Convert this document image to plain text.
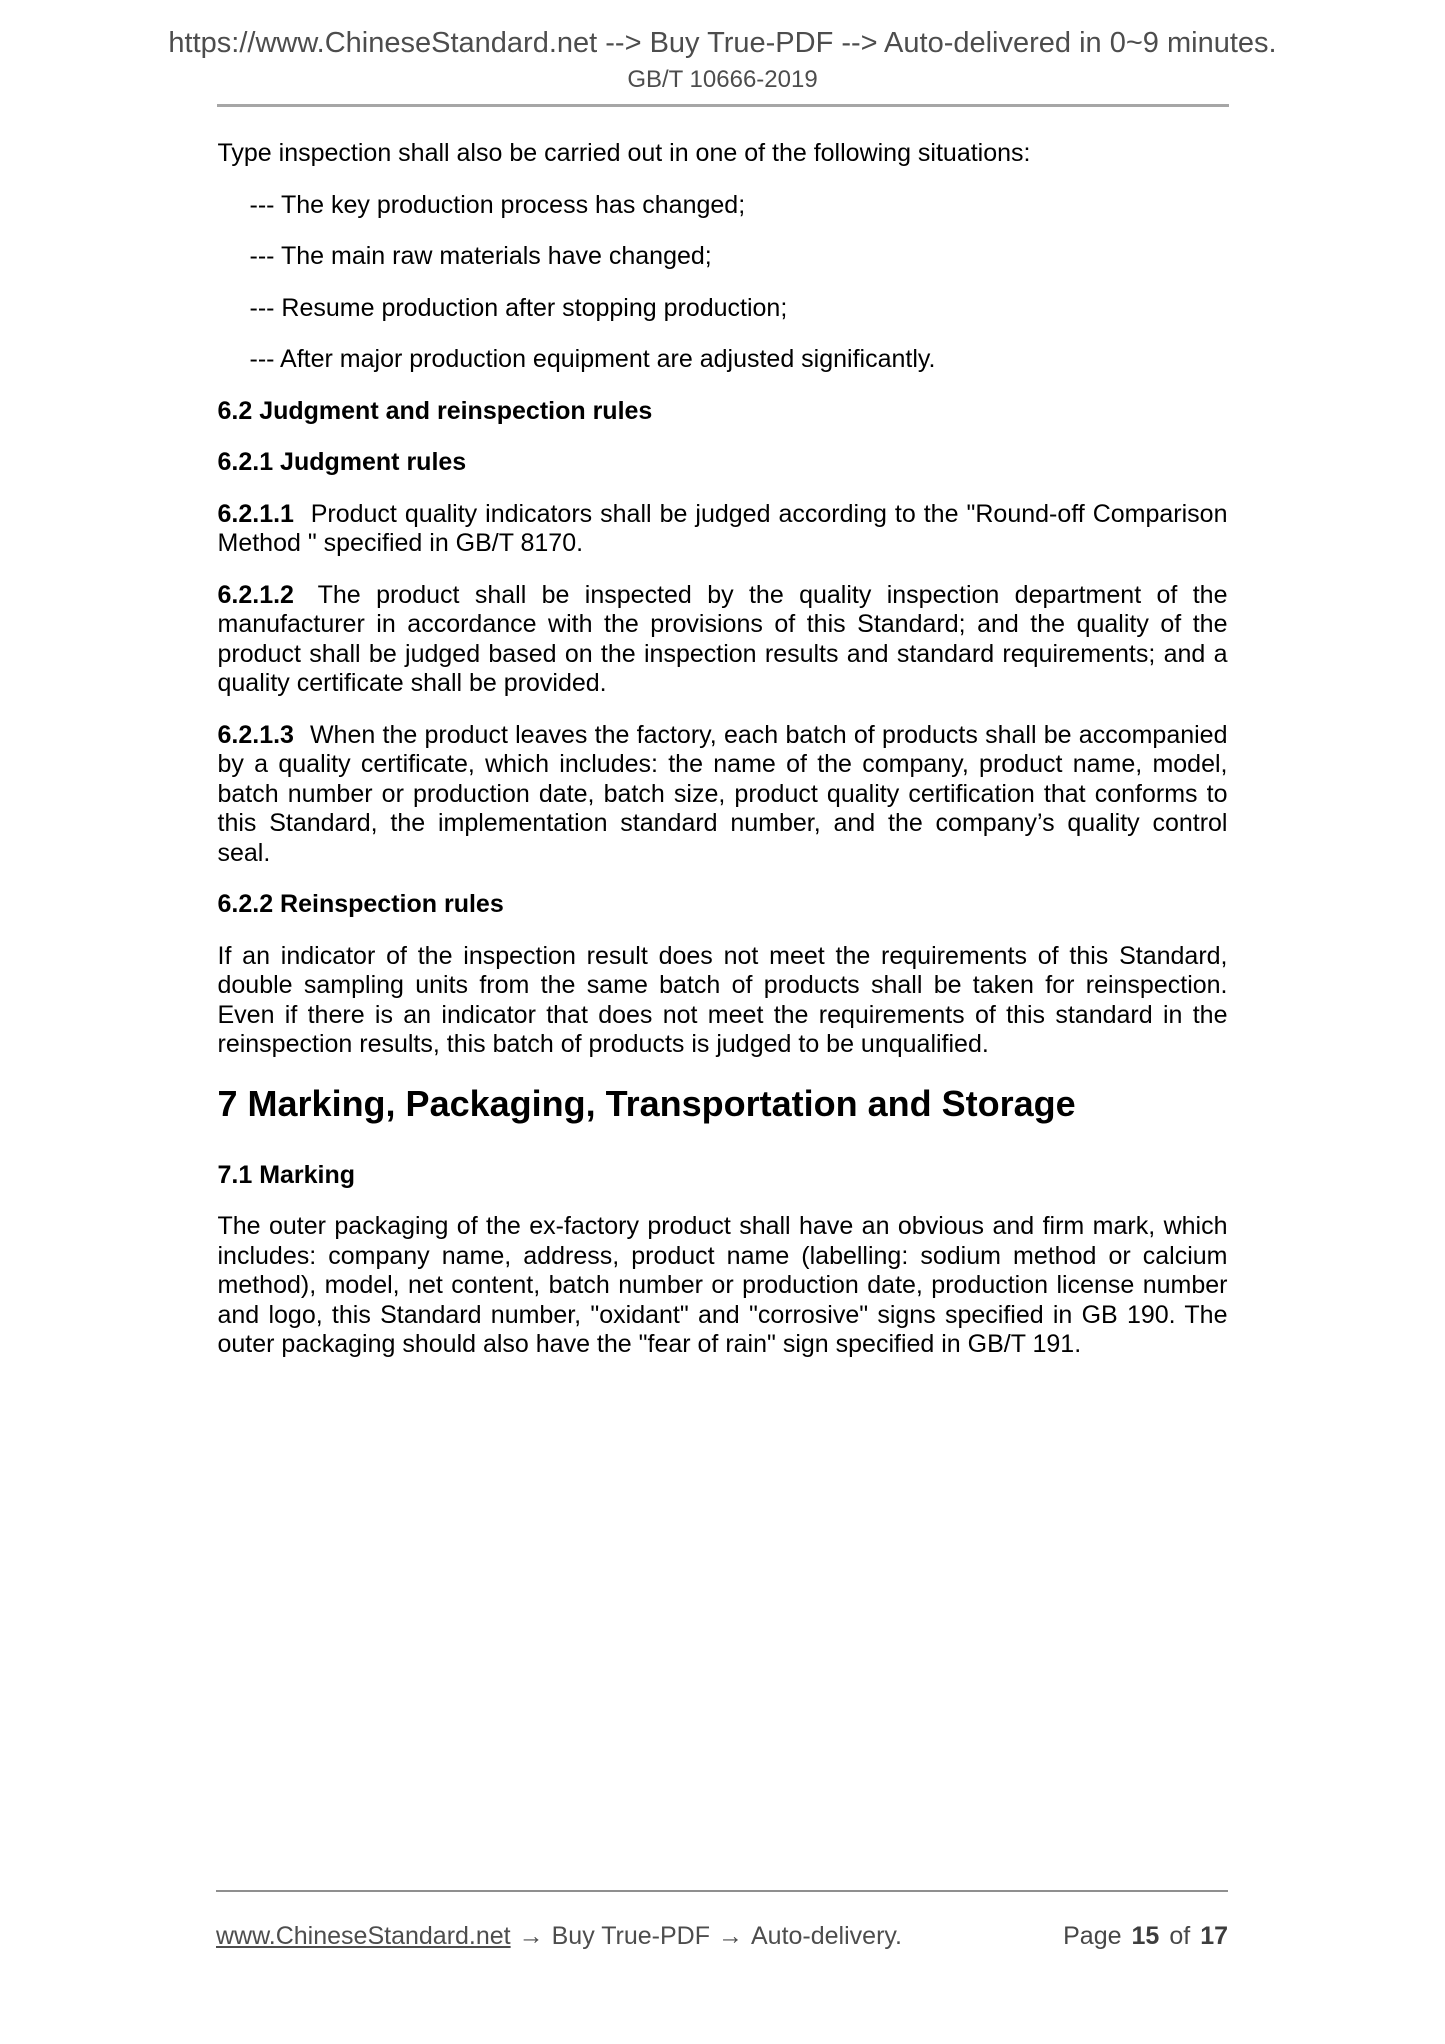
https://www.ChineseStandard.net --> Buy True-PDF --> Auto-delivered in 0~9 minutes.
GB/T 10666-2019

Type inspection shall also be carried out in one of the following situations:

--- The key production process has changed;

--- The main raw materials have changed;

--- Resume production after stopping production;

--- After major production equipment are adjusted significantly.

6.2 Judgment and reinspection rules
6.2.1 Judgment rules

6.2.1.1 Product quality indicators shall be judged according to the "Round-off Comparison Method " specified in GB/T 8170.

6.2.1.2 The product shall be inspected by the quality inspection department of the manufacturer in accordance with the provisions of this Standard; and the quality of the product shall be judged based on the inspection results and standard requirements; and a quality certificate shall be provided.

6.2.1.3 When the product leaves the factory, each batch of products shall be accompanied by a quality certificate, which includes: the name of the company, product name, model, batch number or production date, batch size, product quality certification that conforms to this Standard, the implementation standard number, and the company’s quality control seal.

6.2.2 Reinspection rules

If an indicator of the inspection result does not meet the requirements of this Standard, double sampling units from the same batch of products shall be taken for reinspection. Even if there is an indicator that does not meet the requirements of this standard in the reinspection results, this batch of products is judged to be unqualified.

7 Marking, Packaging, Transportation and Storage
7.1 Marking

The outer packaging of the ex-factory product shall have an obvious and firm mark, which includes: company name, address, product name (labelling: sodium method or calcium method), model, net content, batch number or production date, production license number and logo, this Standard number, "oxidant" and "corrosive" signs specified in GB 190. The outer packaging should also have the "fear of rain" sign specified in GB/T 191.

www.ChineseStandard.net → Buy True-PDF → Auto-delivery.	Page 15 of 17
